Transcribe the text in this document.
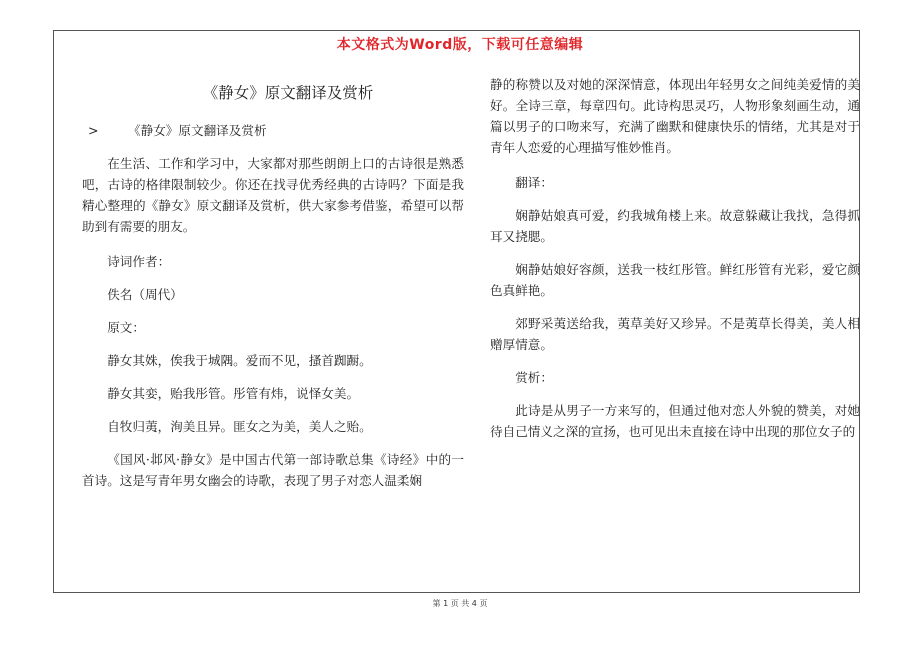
本文格式为Word版，下载可任意编辑
《静女》原文翻译及赏析
> 《静女》原文翻译及赏析

在生活、工作和学习中，大家都对那些朗朗上口的古诗很是熟悉吧，古诗的格律限制较少。你还在找寻优秀经典的古诗吗？下面是我精心整理的《静女》原文翻译及赏析，供大家参考借鉴，希望可以帮助到有需要的朋友。

诗词作者：

佚名（周代）

原文：

静女其姝，俟我于城隅。爱而不见，搔首踟蹰。

静女其娈，贻我彤管。彤管有炜，说怿女美。

自牧归荑，洵美且异。匪女之为美，美人之贻。

《国风·邶风·静女》是中国古代第一部诗歌总集《诗经》中的一首诗。这是写青年男女幽会的诗歌，表现了男子对恋人温柔娴

静的称赞以及对她的深深情意，体现出年轻男女之间纯美爱情的美好。全诗三章，每章四句。此诗构思灵巧，人物形象刻画生动，通篇以男子的口吻来写，充满了幽默和健康快乐的情绪，尤其是对于青年人恋爱的心理描写惟妙惟肖。

翻译：

娴静姑娘真可爱，约我城角楼上来。故意躲藏让我找，急得抓耳又挠腮。

娴静姑娘好容颜，送我一枝红彤管。鲜红彤管有光彩，爱它颜色真鲜艳。

郊野采荑送给我，荑草美好又珍异。不是荑草长得美，美人相赠厚情意。

赏析：

此诗是从男子一方来写的，但通过他对恋人外貌的赞美，对她待自己情义之深的宣扬，也可见出未直接在诗中出现的那位女子的

第 1 页 共 4 页
